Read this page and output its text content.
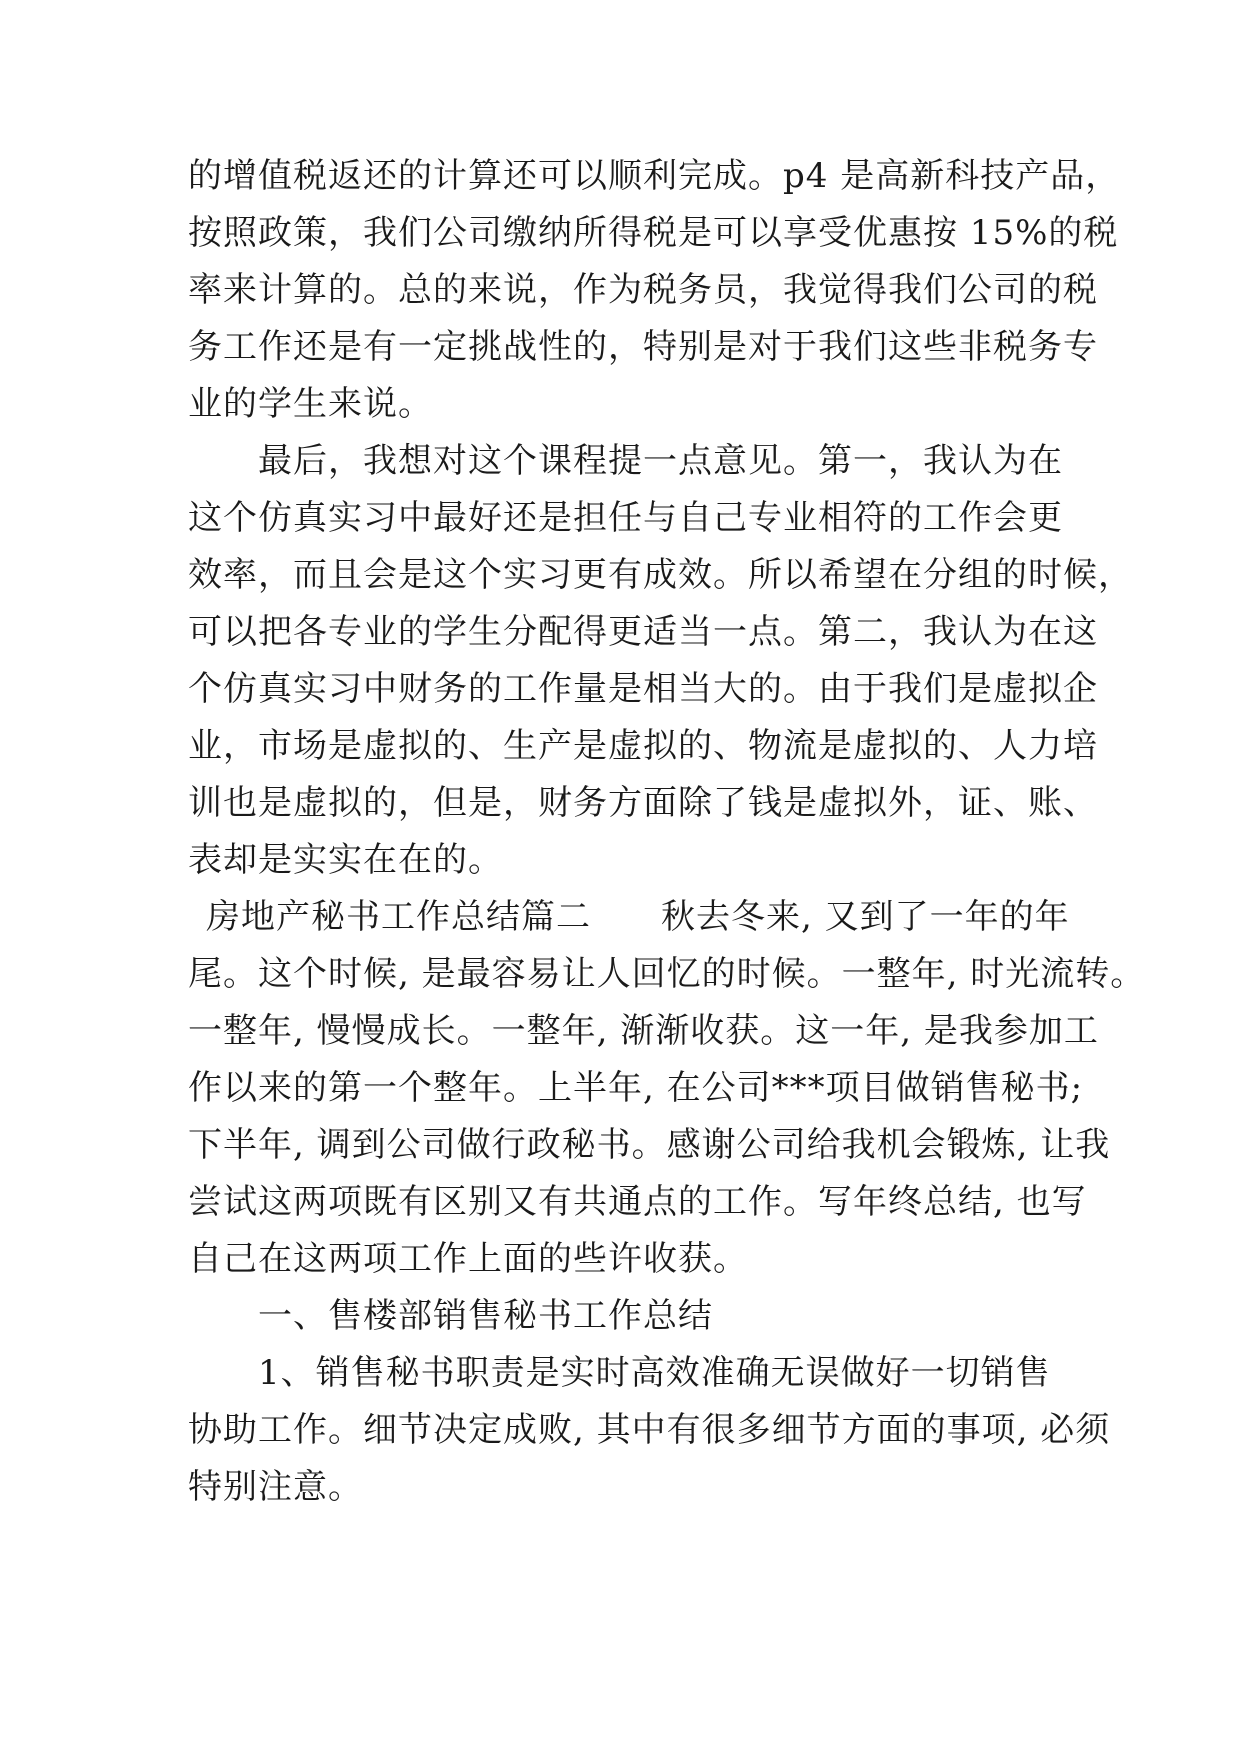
的增值税返还的计算还可以顺利完成。p4 是高新科技产品，
按照政策，我们公司缴纳所得税是可以享受优惠按 15%的税
率来计算的。总的来说，作为税务员，我觉得我们公司的税
务工作还是有一定挑战性的，特别是对于我们这些非税务专
业的学生来说。
最后，我想对这个课程提一点意见。第一，我认为在
这个仿真实习中最好还是担任与自己专业相符的工作会更
效率，而且会是这个实习更有成效。所以希望在分组的时候，
可以把各专业的学生分配得更适当一点。第二，我认为在这
个仿真实习中财务的工作量是相当大的。由于我们是虚拟企
业，市场是虚拟的、生产是虚拟的、物流是虚拟的、人力培
训也是虚拟的，但是，财务方面除了钱是虚拟外，证、账、
表却是实实在在的。
房地产秘书工作总结篇二　　秋去冬来, 又到了一年的年
尾。这个时候, 是最容易让人回忆的时候。一整年, 时光流转。
一整年, 慢慢成长。一整年, 渐渐收获。这一年, 是我参加工
作以来的第一个整年。上半年, 在公司***项目做销售秘书;
下半年, 调到公司做行政秘书。感谢公司给我机会锻炼, 让我
尝试这两项既有区别又有共通点的工作。写年终总结, 也写
自己在这两项工作上面的些许收获。
一、售楼部销售秘书工作总结
1、销售秘书职责是实时高效准确无误做好一切销售
协助工作。细节决定成败, 其中有很多细节方面的事项, 必须
特别注意。
